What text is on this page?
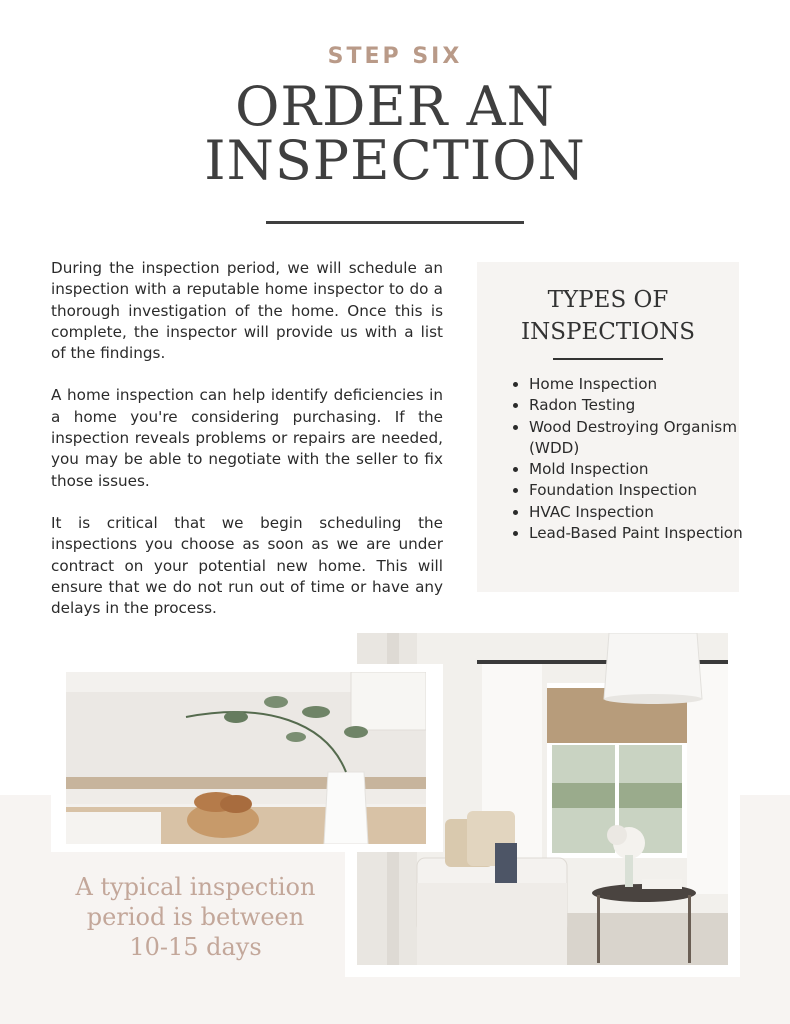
STEP SIX
ORDER AN
INSPECTION

During the inspection period, we will schedule an inspection with a reputable home inspector to do a thorough investigation of the home. Once this is complete, the inspector will provide us with a list of the findings.

A home inspection can help identify deficiencies in a home you're considering purchasing. If the inspection reveals problems or repairs are needed, you may be able to negotiate with the seller to fix those issues.

It is critical that we begin scheduling the inspections you choose as soon as we are under contract on your potential new home. This will ensure that we do not run out of time or have any delays in the process.

TYPES OF
INSPECTIONS
• Home Inspection
• Radon Testing
• Wood Destroying Organism (WDD)
• Mold Inspection
• Foundation Inspection
• HVAC Inspection
• Lead-Based Paint Inspection
A typical inspection
period is between
10-15 days
